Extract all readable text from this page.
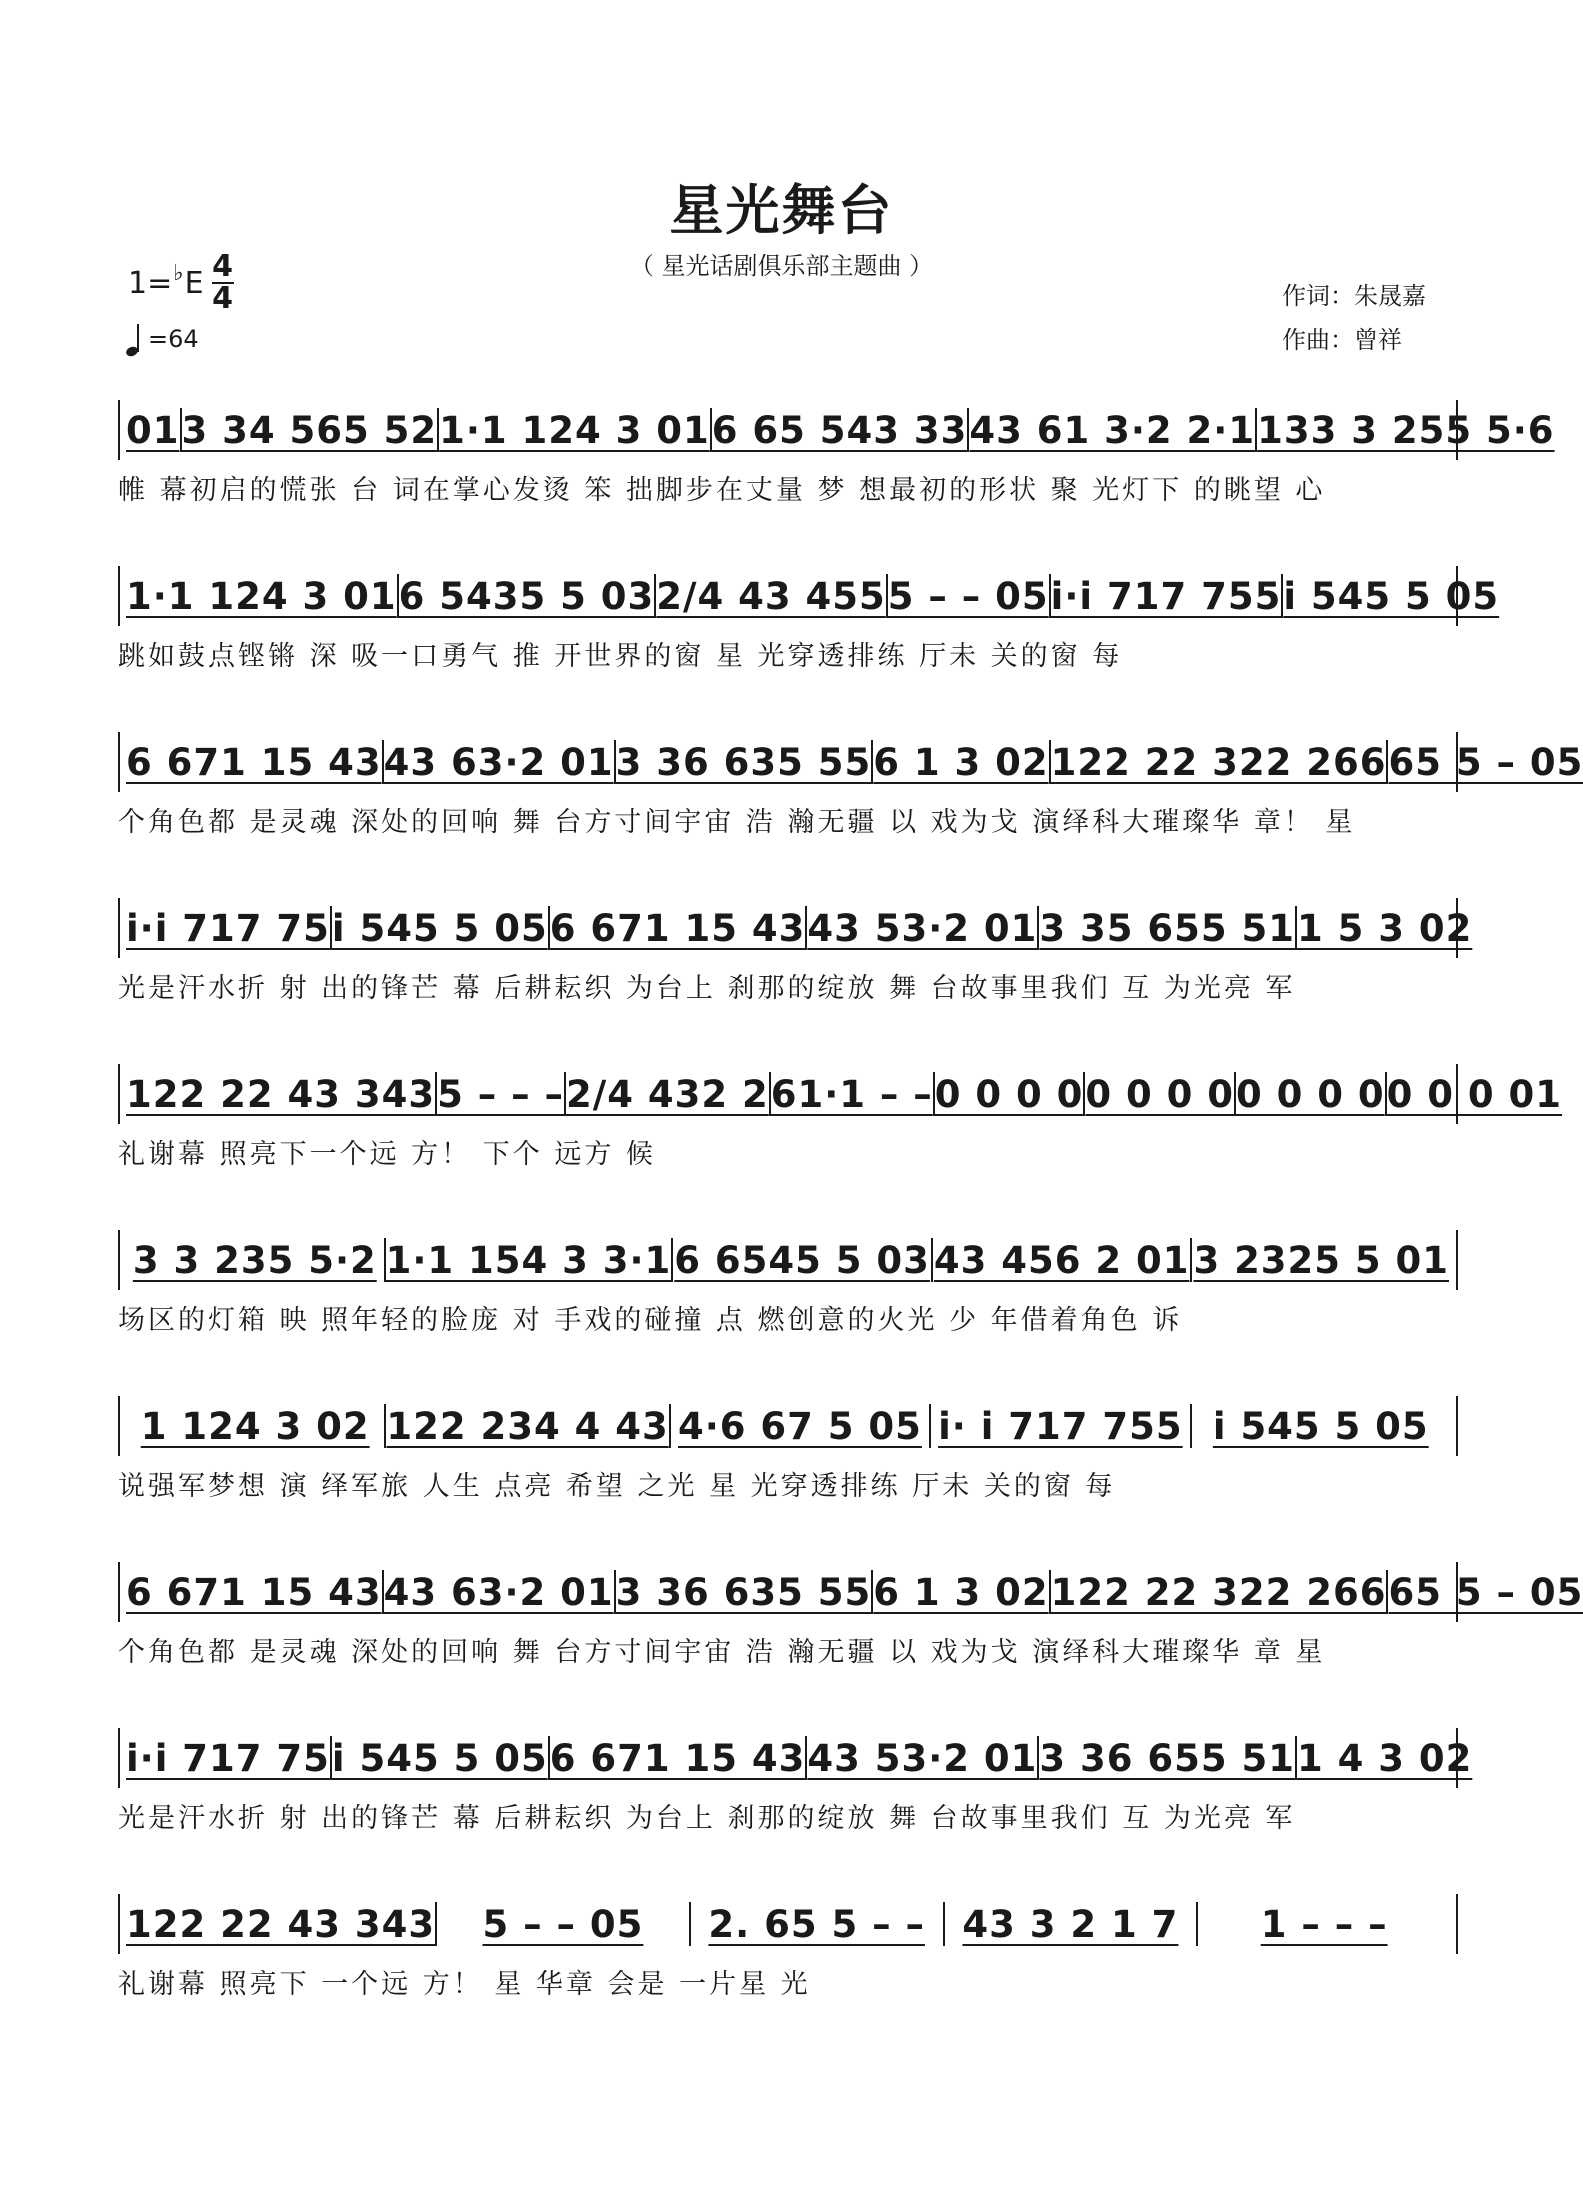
星光舞台
（ 星光话剧俱乐部主题曲 ）
1= ♭ E 4
4
=64
作词：朱晟嘉
作曲：曾祥
01 3 34 565 52 1·1 124 3 01 6 65 543 33 43 61 3·2 2·1 133 3 255 5·6
帷 幕初启的慌张 台 词在掌心发烫 笨 拙脚步在丈量 梦 想最初的形状 聚 光灯下 的眺望 心
1·1 124 3 01 6 5435 5 03 2/4 43 455 5 – – 05 i·i 717 755 i 545 5 05
跳如鼓点铿锵 深 吸一口勇气 推 开世界的窗 星 光穿透排练 厅未 关的窗 每
6 671 15 43 43 63·2 01 3 36 635 55 6 1 3 02 122 22 322 266 65 5 – 05
个角色都 是灵魂 深处的回响 舞 台方寸间宇宙 浩 瀚无疆 以 戏为戈 演绎科大璀璨华 章！ 星
i·i 717 75 i 545 5 05 6 671 15 43 43 53·2 01 3 35 655 51 1 5 3 02
光是汗水折 射 出的锋芒 幕 后耕耘织 为台上 刹那的绽放 舞 台故事里我们 互 为光亮 军
122 22 43 343 5 – – – 2/4 432 2 61·1 – – 0 0 0 0 0 0 0 0 0 0 0 0 0 0 0 01
礼谢幕 照亮下一个远 方！ 下个 远方 候
3 3 235 5·2 1·1 154 3 3·1 6 6545 5 03 43 456 2 01 3 2325 5 01
场区的灯箱 映 照年轻的脸庞 对 手戏的碰撞 点 燃创意的火光 少 年借着角色 诉
1 124 3 02 122 234 4 43 4·6 67 5 05 i· i 717 755 i 545 5 05
说强军梦想 演 绎军旅 人生 点亮 希望 之光 星 光穿透排练 厅未 关的窗 每
6 671 15 43 43 63·2 01 3 36 635 55 6 1 3 02 122 22 322 266 65 5 – 05
个角色都 是灵魂 深处的回响 舞 台方寸间宇宙 浩 瀚无疆 以 戏为戈 演绎科大璀璨华 章 星
i·i 717 75 i 545 5 05 6 671 15 43 43 53·2 01 3 36 655 51 1 4 3 02
光是汗水折 射 出的锋芒 幕 后耕耘织 为台上 刹那的绽放 舞 台故事里我们 互 为光亮 军
122 22 43 343	5 – – 05	2. 65 5 – –	43 3 2 1 7	1 – – –
礼谢幕 照亮下 一个远 方！ 星 华章 会是 一片星 光
